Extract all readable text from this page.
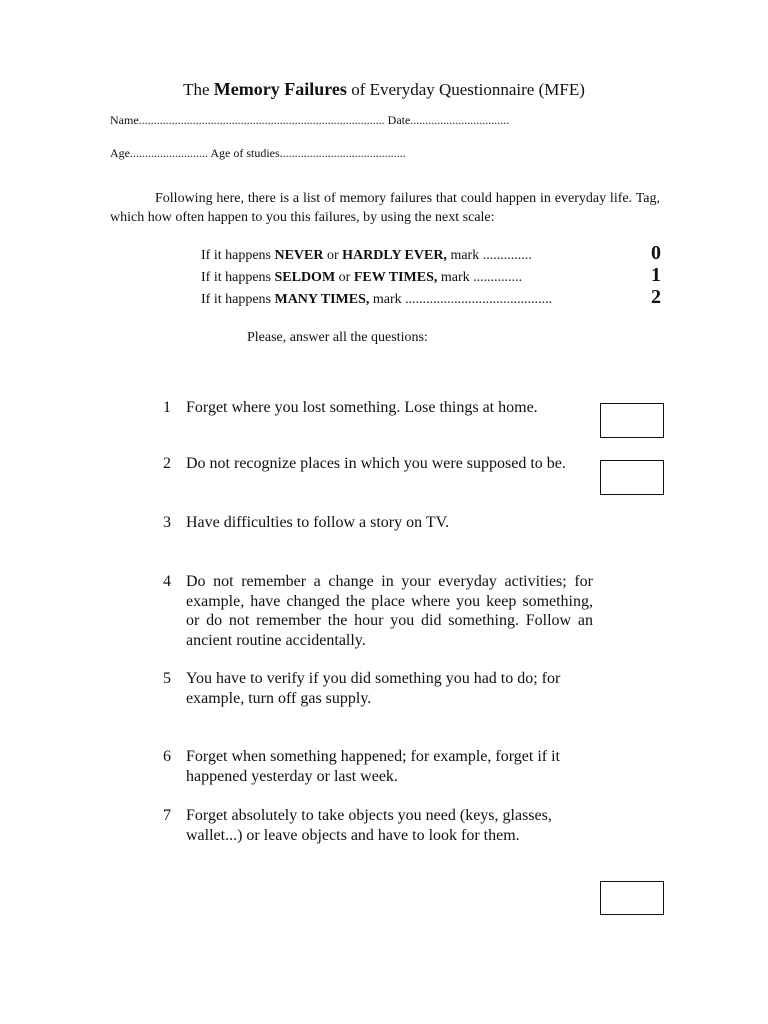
The Memory Failures of Everyday Questionnaire (MFE)
Name.................................................................................. Date.................................
Age.......................... Age of studies..........................................
Following here, there is a list of memory failures that could happen in everyday life. Tag, which how often happen to you this failures, by using the next scale:
If it happens NEVER or HARDLY EVER, mark ..............	0
If it happens SELDOM or FEW TIMES, mark ..............	1
If it happens MANY TIMES, mark ..........................................	2
Please, answer all the questions:
1 Forget where you lost something. Lose things at home.
2 Do not recognize places in which you were supposed to be.
3 Have difficulties to follow a story on TV.
4 Do not remember a change in your everyday activities; for example, have changed the place where you keep something, or do not remember the hour you did something. Follow an ancient routine accidentally.
5 You have to verify if you did something you had to do; for example, turn off gas supply.
6 Forget when something happened; for example, forget if it happened yesterday or last week.
7 Forget absolutely to take objects you need (keys, glasses, wallet...) or leave objects and have to look for them.
